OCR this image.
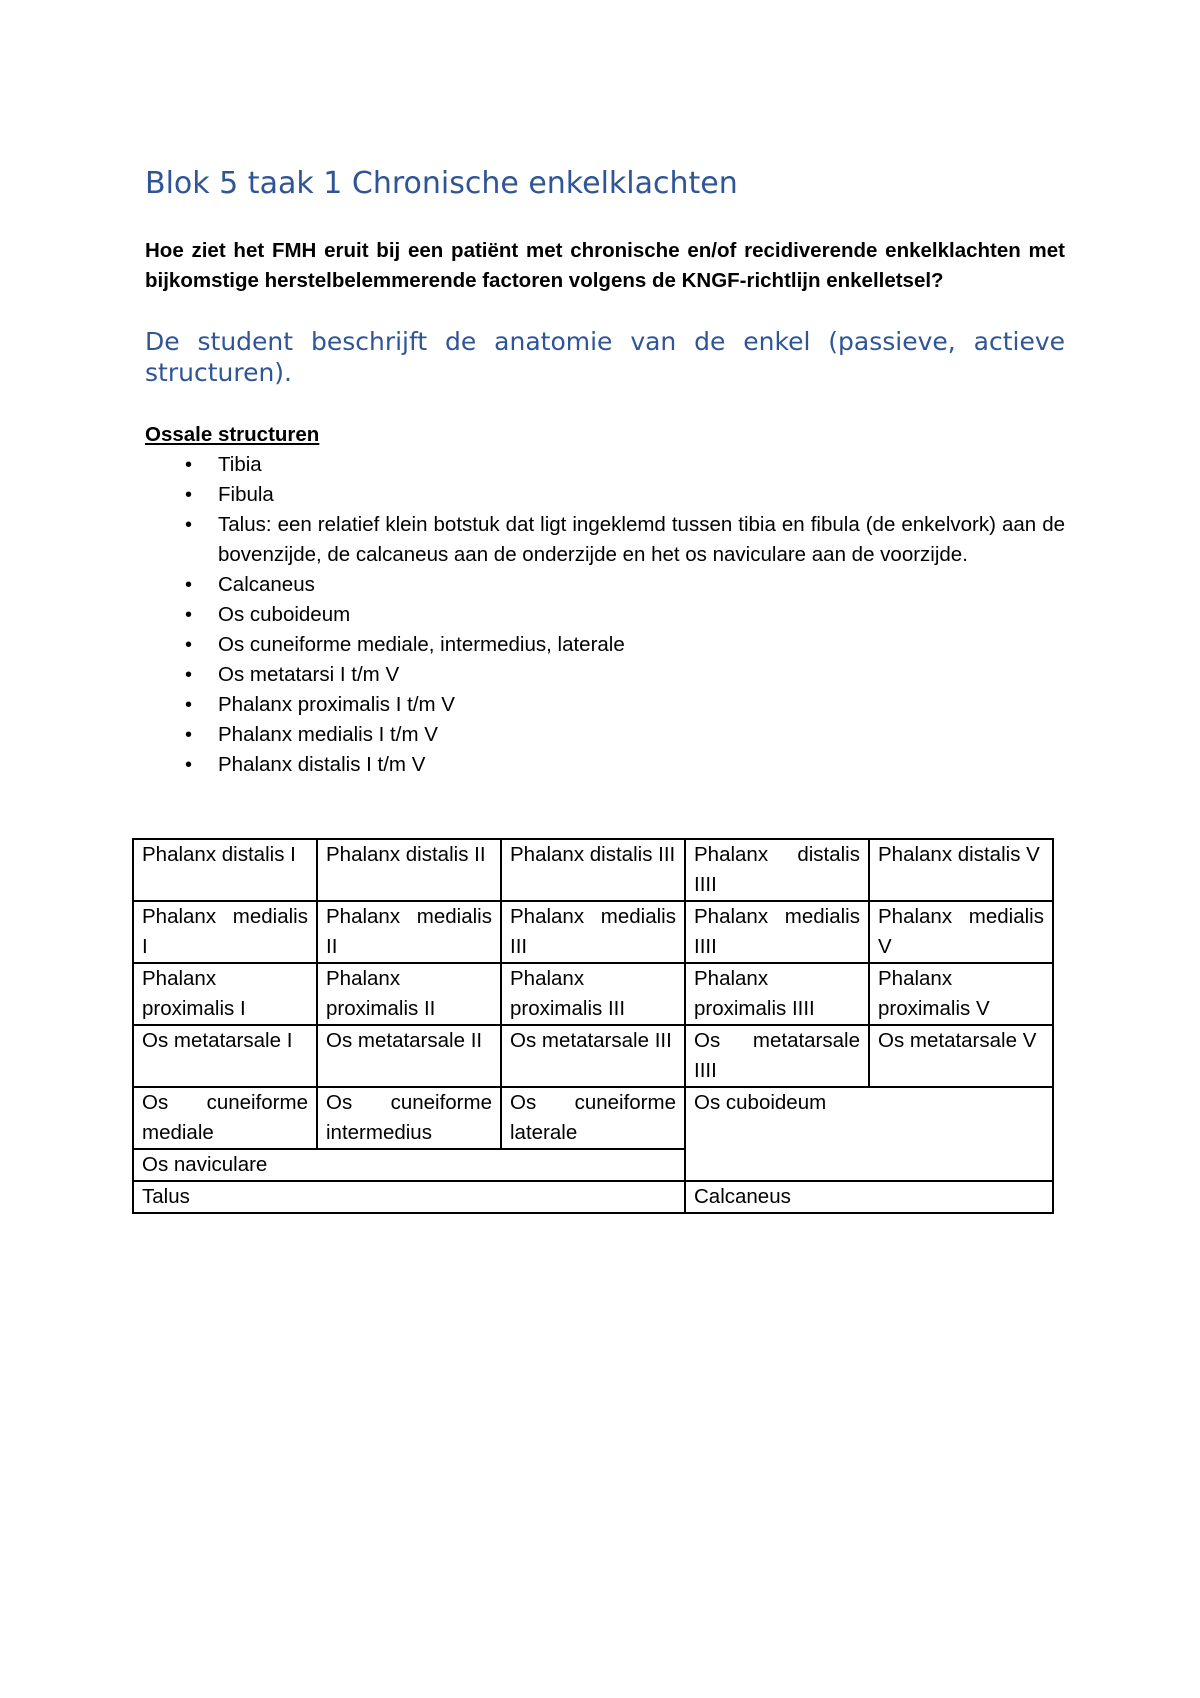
Blok 5 taak 1 Chronische enkelklachten

Hoe ziet het FMH eruit bij een patiënt met chronische en/of recidiverende enkelklachten met bijkomstige herstelbelemmerende factoren volgens de KNGF-richtlijn enkelletsel?

De student beschrijft de anatomie van de enkel (passieve, actieve structuren).

Ossale structuren

• Tibia
• Fibula
• Talus: een relatief klein botstuk dat ligt ingeklemd tussen tibia en fibula (de enkelvork) aan de bovenzijde, de calcaneus aan de onderzijde en het os naviculare aan de voorzijde.
• Calcaneus
• Os cuboideum
• Os cuneiforme mediale, intermedius, laterale
• Os metatarsi I t/m V
• Phalanx proximalis I t/m V
• Phalanx medialis I t/m V
• Phalanx distalis I t/m V
Phalanx distalis I	Phalanx distalis II	Phalanx distalis III	Phalanx distalis IIII	Phalanx distalis V
Phalanx medialis I	Phalanx medialis II	Phalanx medialis III	Phalanx medialis IIII	Phalanx medialis V
Phalanx proximalis I	Phalanx proximalis II	Phalanx proximalis III	Phalanx proximalis IIII	Phalanx proximalis V
Os metatarsale I	Os metatarsale II	Os metatarsale III	Os metatarsale IIII	Os metatarsale V
Os cuneiforme mediale	Os cuneiforme intermedius	Os cuneiforme laterale	Os cuboideum	
Os naviculare				
Talus			Calcaneus	
